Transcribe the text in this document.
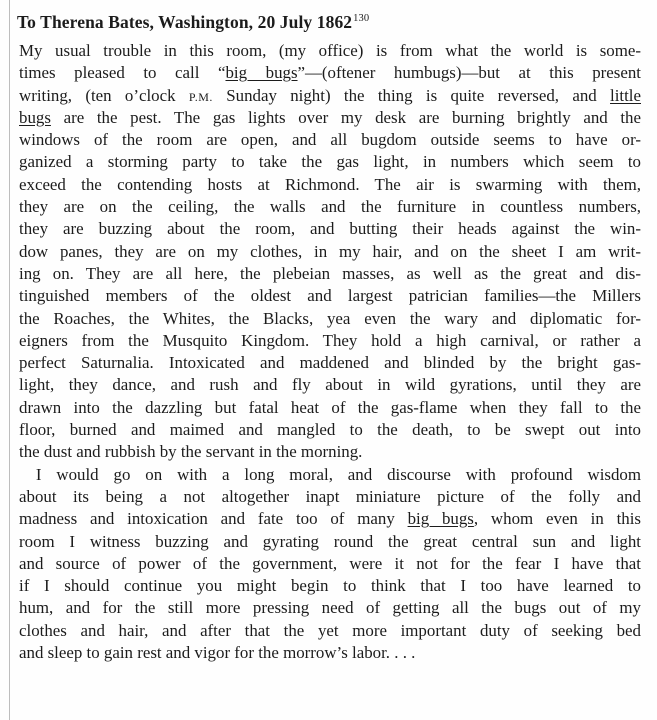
To Therena Bates, Washington, 20 July 1862$^{130}$
My usual trouble in this room, (my office) is from what the world is some-
times pleased to call “big bugs”—(oftener humbugs)—but at this present
writing, (ten o’clock P.M. Sunday night) the thing is quite reversed, and little
bugs are the pest. The gas lights over my desk are burning brightly and the
windows of the room are open, and all bugdom outside seems to have or-
ganized a storming party to take the gas light, in numbers which seem to
exceed the contending hosts at Richmond. The air is swarming with them,
they are on the ceiling, the walls and the furniture in countless numbers,
they are buzzing about the room, and butting their heads against the win-
dow panes, they are on my clothes, in my hair, and on the sheet I am writ-
ing on. They are all here, the plebeian masses, as well as the great and dis-
tinguished members of the oldest and largest patrician families—the Millers
the Roaches, the Whites, the Blacks, yea even the wary and diplomatic for-
eigners from the Musquito Kingdom. They hold a high carnival, or rather a
perfect Saturnalia. Intoxicated and maddened and blinded by the bright gas-
light, they dance, and rush and fly about in wild gyrations, until they are
drawn into the dazzling but fatal heat of the gas-flame when they fall to the
floor, burned and maimed and mangled to the death, to be swept out into
the dust and rubbish by the servant in the morning.
 I would go on with a long moral, and discourse with profound wisdom
about its being a not altogether inapt miniature picture of the folly and
madness and intoxication and fate too of many big bugs, whom even in this
room I witness buzzing and gyrating round the great central sun and light
and source of power of the government, were it not for the fear I have that
if I should continue you might begin to think that I too have learned to
hum, and for the still more pressing need of getting all the bugs out of my
clothes and hair, and after that the yet more important duty of seeking bed
and sleep to gain rest and vigor for the morrow’s labor. . . .
